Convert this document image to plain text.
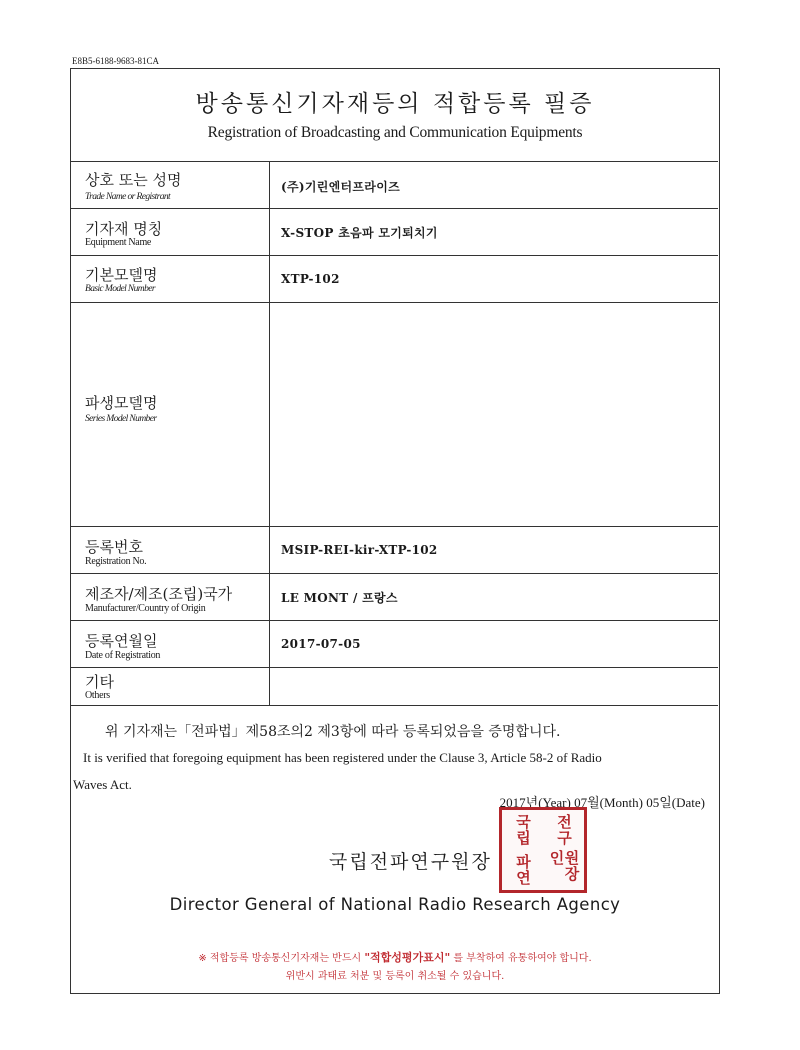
E8B5-6188-9683-81CA
방송통신기자재등의 적합등록 필증
Registration of Broadcasting and Communication Equipments
상호 또는 성명
Trade Name or Registrant
(주)기린엔터프라이즈
기자재 명칭
Equipment Name
X-STOP 초음파 모기퇴치기
기본모델명
Basic Model Number
XTP-102
파생모델명
Series Model Number
등록번호
Registration No.
MSIP-REI-kir-XTP-102
제조자/제조(조립)국가
Manufacturer/Country of Origin
LE MONT / 프랑스
등록연월일
Date of Registration
2017-07-05
기타
Others
위 기자재는「전파법」제58조의2 제3항에 따라 등록되었음을 증명합니다.
It is verified that foregoing equipment has been registered under the Clause 3, Article 58-2 of Radio
Waves Act.
2017년(Year) 07월(Month) 05일(Date)
국립전파연구원장
국립 전구
파연	원장인
Director General of National Radio Research Agency
※ 적합등록 방송통신기자재는 반드시 "적합성평가표시" 를 부착하여 유통하여야 합니다.
위반시 과태료 처분 및 등록이 취소될 수 있습니다.
